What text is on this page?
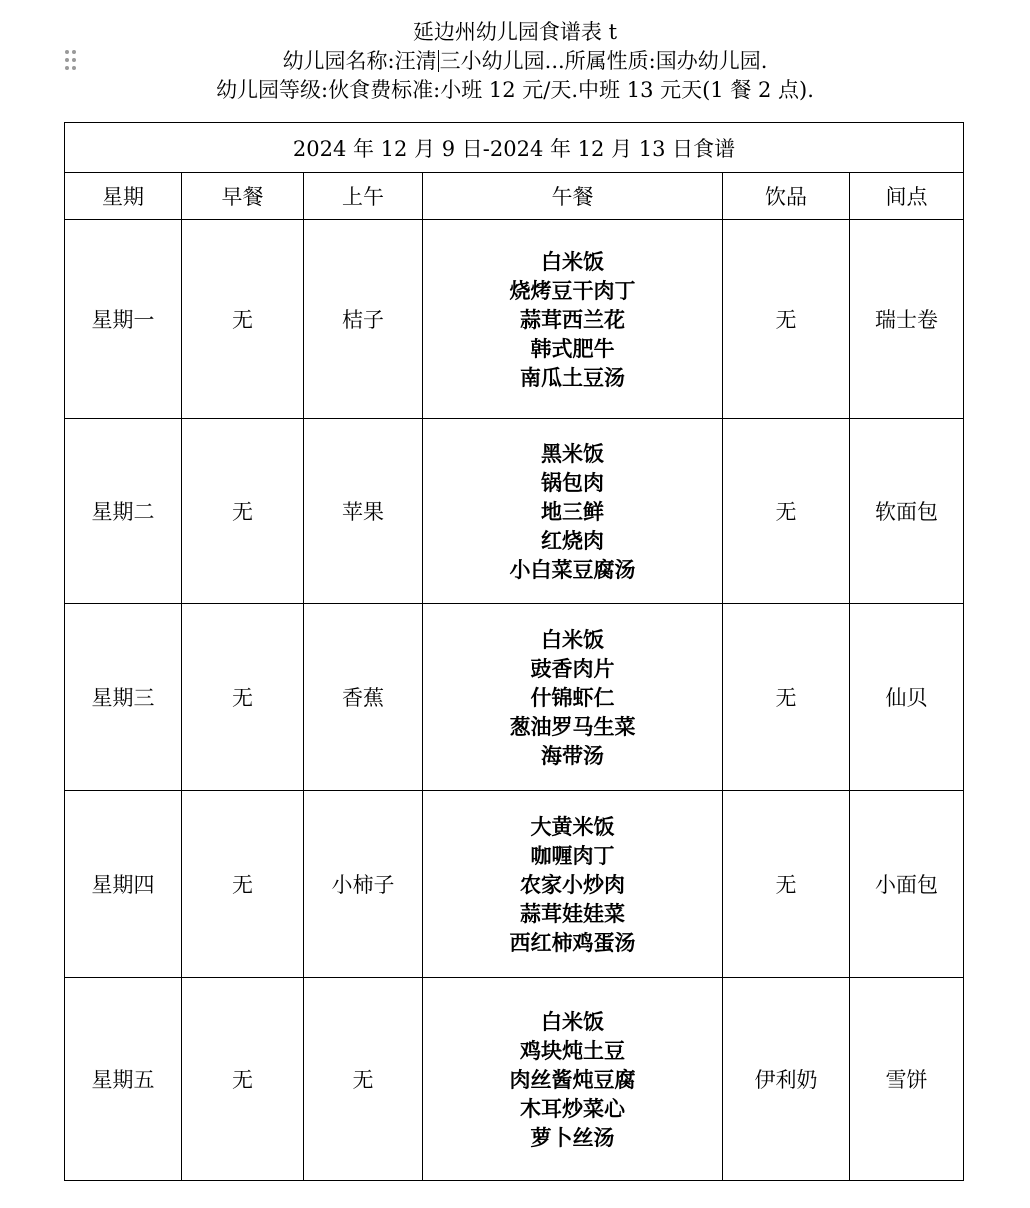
延边州幼儿园食谱表 t
幼儿园名称:汪清 三小幼儿园...所属性质:国办幼儿园.
幼儿园等级:伙食费标准:小班 12 元/天.中班 13 元天(1 餐 2 点).
2024 年 12 月 9 日-2024 年 12 月 13 日食谱					
星期	早餐	上午	午餐	饮品	间点
星期一	无	桔子	白米饭
烧烤豆干肉丁
蒜茸西兰花
韩式肥牛
南瓜土豆汤	无	瑞士卷
星期二	无	苹果	黑米饭
锅包肉
地三鲜
红烧肉
小白菜豆腐汤	无	软面包
星期三	无	香蕉	白米饭
豉香肉片
什锦虾仁
葱油罗马生菜
海带汤	无	仙贝
星期四	无	小柿子	大黄米饭
咖喱肉丁
农家小炒肉
蒜茸娃娃菜
西红柿鸡蛋汤	无	小面包
星期五	无	无	白米饭
鸡块炖土豆
肉丝酱炖豆腐
木耳炒菜心
萝卜丝汤	伊利奶	雪饼
